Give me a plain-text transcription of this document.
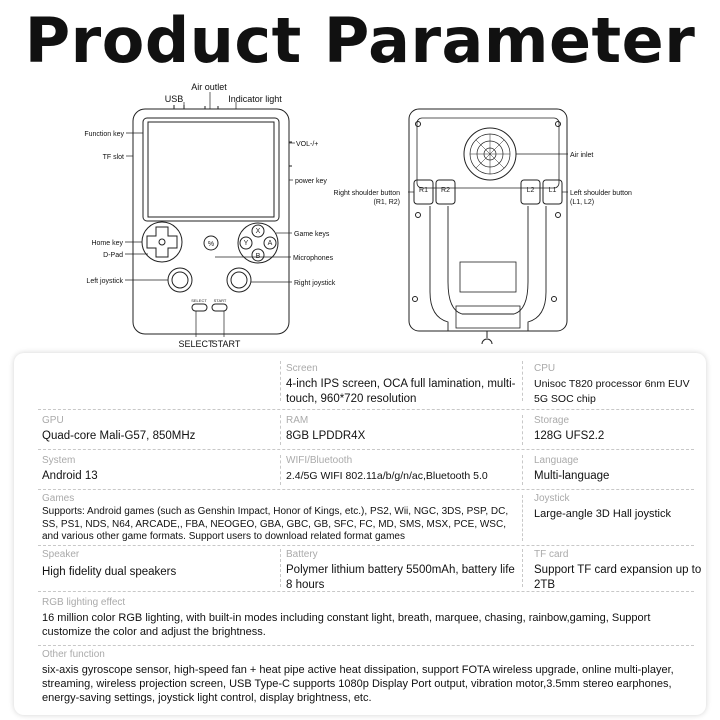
Product Parameter
%
USB
Air outlet
Indicator light
Function key
TF slot
VOL-/+
power key
Home key
D-Pad
Game keys
Microphones
Left joystick	Right joystick
SELECT
START
SELECT START
X
Y	A
B
Air inlet
Right shoulder button
(R1, R2)
Left shoulder button
(L1, L2)
R1 R2	L2 L1
Screen
4-inch IPS screen, OCA full lamination, multi-touch, 960*720 resolution
CPU
Unisoc T820 processor 6nm EUV 5G SOC chip
GPU
Quad-core Mali-G57, 850MHz
RAM
8GB LPDDR4X
Storage
128G UFS2.2
System
Android 13
WIFI/Bluetooth
2.4/5G WIFI 802.11a/b/g/n/ac,Bluetooth 5.0
Language
Multi-language
Games
Supports: Android games (such as Genshin Impact, Honor of Kings, etc.), PS2, Wii, NGC, 3DS, PSP, DC, SS, PS1, NDS, N64, ARCADE,, FBA, NEOGEO, GBA, GBC, GB, SFC, FC, MD, SMS, MSX, PCE, WSC, and various other game formats. Support users to download related format games
Joystick
Large-angle 3D Hall joystick
Speaker
High fidelity dual speakers
Battery
Polymer lithium battery 5500mAh, battery life 8 hours
TF card
Support TF card expansion up to 2TB
RGB lighting effect
16 million color RGB lighting, with built-in modes including constant light, breath, marquee, chasing, rainbow,gaming, Support customize the color and adjust the brightness.
Other function
six-axis gyroscope sensor, high-speed fan + heat pipe active heat dissipation, support FOTA wireless upgrade, online multi-player, streaming, wireless projection screen, USB Type-C supports 1080p Display Port output, vibration motor,3.5mm stereo earphones, energy-saving settings, joystick light control, display brightness, etc.
